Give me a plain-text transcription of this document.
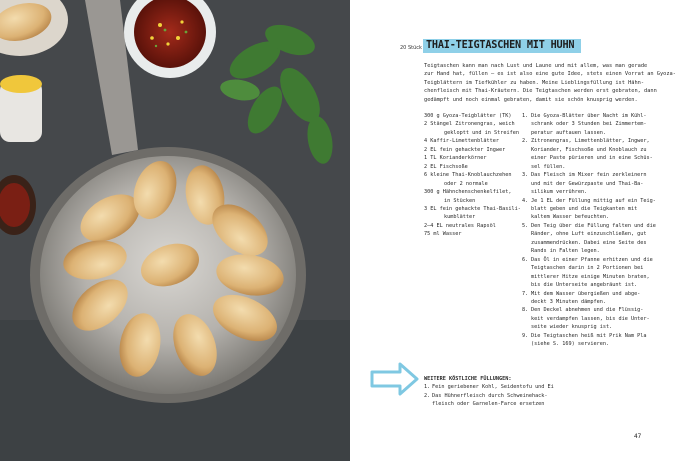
20 Stück THAI-TEIGTASCHEN MIT HUHN
Teigtaschen kann man nach Lust und Laune und mit allem, was man gerade
zur Hand hat, füllen – es ist also eine gute Idee, stets einen Vorrat an Gyoza-
Teigblättern im Tiefkühler zu haben. Meine Lieblingsfüllung ist Hähn-
chenfleisch mit Thai-Kräutern. Die Teigtaschen werden erst gebraten, dann
gedämpft und noch einmal gebraten, damit sie schön knusprig werden.
300 g Gyoza-Teigblätter (TK)
2 Stängel Zitronengras, weich
gekloptt und in Streifen
4 Kaffir-Limettenblätter
2 EL fein gehackter Ingwer
1 TL Korianderkörner
2 EL Fischsoße
6 kleine Thai-Knoblauchzehen
oder 2 normale
300 g Hähnchenschenkelfilet,
in Stücken
3 EL fein gehackte Thai-Basili-
kumblätter
2–4 EL neutrales Rapsöl
75 ml Wasser
1. Die Gyoza-Blätter über Nacht im Kühl-
schrank oder 3 Stunden bei Zimmertem-
peratur auftauen lassen.
2. Zitronengras, Limettenblätter, Ingwer,
Koriander, Fischsoße und Knoblauch zu
einer Paste pürieren und in eine Schüs-
sel füllen.
3. Das Fleisch im Mixer fein zerkleinern
und mit der Gewürzpaste und Thai-Ba-
silikum verrühren.
4. Je 1 EL der Füllung mittig auf ein Teig-
blatt geben und die Teigkanten mit
kaltem Wasser befeuchten.
5. Den Teig über die Füllung falten und die
Ränder, ohne Luft einzuschließen, gut
zusammendrücken. Dabei eine Seite des
Rands in Falten legen.
6. Das Öl in einer Pfanne erhitzen und die
Teigtaschen darin in 2 Portionen bei
mittlerer Hitze einige Minuten braten,
bis die Unterseite angebräunt ist.
7. Mit dem Wasser übergießen und abge-
deckt 3 Minuten dämpfen.
8. Den Deckel abnehmen und die Flüssig-
keit verdampfen lassen, bis die Unter-
seite wieder knusprig ist.
9. Die Teigtaschen heiß mit Prik Nam Pla
(siehe S. 169) servieren.
WEITERE KÖSTLICHE FÜLLUNGEN:
1. Fein geriebener Kohl, Seidentofu und Ei
2. Das Hühnerfleisch durch Schweinehack-
fleisch oder Garnelen-Farce ersetzen
47
